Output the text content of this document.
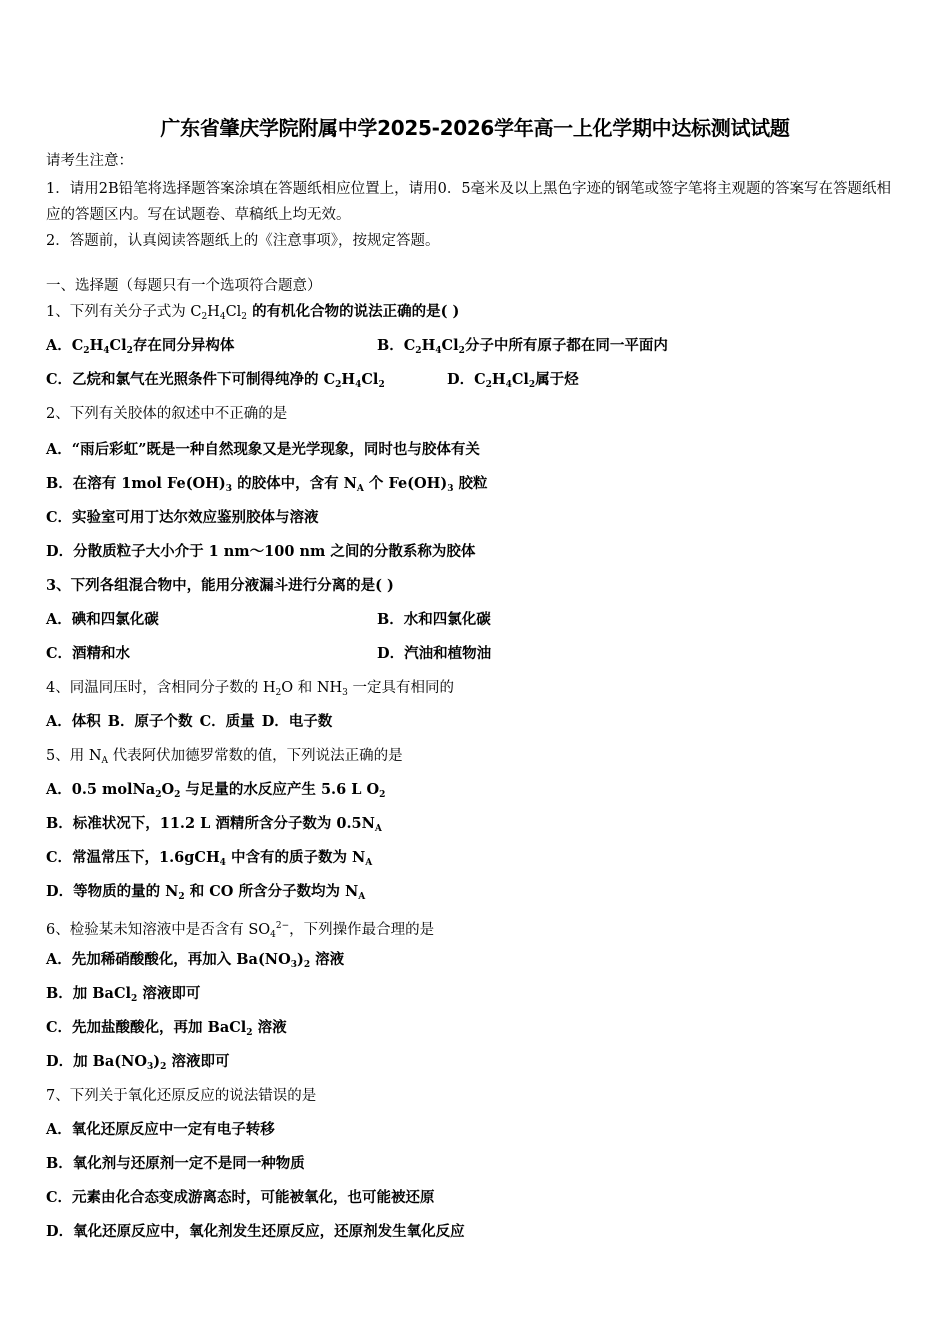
广东省肇庆学院附属中学2025-2026学年高一上化学期中达标测试试题
请考生注意：
1．请用2B铅笔将选择题答案涂填在答题纸相应位置上，请用0．5毫米及以上黑色字迹的钢笔或签字笔将主观题的答案写在答题纸相应的答题区内。写在试题卷、草稿纸上均无效。
2．答题前，认真阅读答题纸上的《注意事项》，按规定答题。
一、选择题（每题只有一个选项符合题意）
1、下列有关分子式为 $C_2H_4Cl_2$ 的有机化合物的说法正确的是( )
A．$C_2H_4Cl_2$存在同分异构体	B．$C_2H_4Cl_2$分子中所有原子都在同一平面内
C．乙烷和氯气在光照条件下可制得纯净的 $C_2H_4Cl_2$	D．$C_2H_4Cl_2$属于烃
2、下列有关胶体的叙述中不正确的是
A．“雨后彩虹”既是一种自然现象又是光学现象，同时也与胶体有关
B．在溶有 1mol $Fe(OH)_3$ 的胶体中，含有 $N_A$ 个 $Fe(OH)_3$ 胶粒
C．实验室可用丁达尔效应鉴别胶体与溶液
D．分散质粒子大小介于 1 nm～100 nm 之间的分散系称为胶体
3、下列各组混合物中，能用分液漏斗进行分离的是( )
A．碘和四氯化碳	B．水和四氯化碳
C．酒精和水	D．汽油和植物油
4、同温同压时，含相同分子数的 $H_2O$ 和 $NH_3$ 一定具有相同的
A．体积 B．原子个数 C．质量 D．电子数
5、用 $N_A$ 代表阿伏加德罗常数的值，下列说法正确的是
A．0.5 $molNa_2O_2$ 与足量的水反应产生 5.6 L $O_2$
B．标准状况下，11.2 L 酒精所含分子数为 $0.5N_A$
C．常温常压下，1.6gCH$_4$ 中含有的质子数为 $N_A$
D．等物质的量的 $N_2$ 和 CO 所含分子数均为 $N_A$
6、检验某未知溶液中是否含有 $SO_4^{2-}$，下列操作最合理的是
A．先加稀硝酸酸化，再加入 $Ba(NO_3)_2$ 溶液
B．加 BaCl$_2$ 溶液即可
C．先加盐酸酸化，再加 BaCl$_2$ 溶液
D．加 $Ba(NO_3)_2$ 溶液即可
7、下列关于氧化还原反应的说法错误的是
A．氧化还原反应中一定有电子转移
B．氧化剂与还原剂一定不是同一种物质
C．元素由化合态变成游离态时，可能被氧化，也可能被还原
D．氧化还原反应中，氧化剂发生还原反应，还原剂发生氧化反应
